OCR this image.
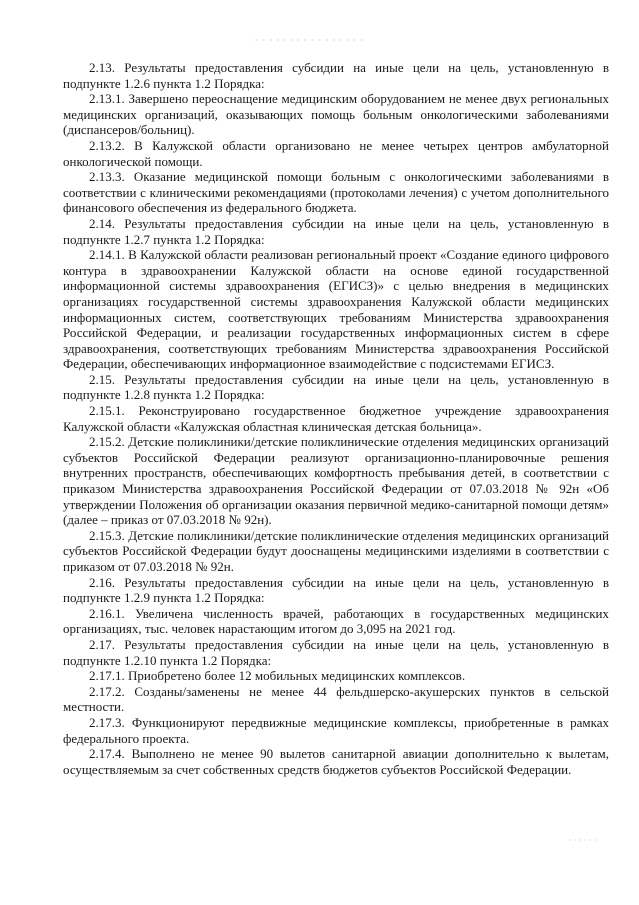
2.13. Результаты предоставления субсидии на иные цели на цель, установленную в подпункте 1.2.6 пункта 1.2 Порядка:

2.13.1. Завершено переоснащение медицинским оборудованием не менее двух региональных медицинских организаций, оказывающих помощь больным онкологическими заболеваниями (диспансеров/больниц).

2.13.2. В Калужской области организовано не менее четырех центров амбулаторной онкологической помощи.

2.13.3. Оказание медицинской помощи больным с онкологическими заболеваниями в соответствии с клиническими рекомендациями (протоколами лечения) с учетом дополнительного финансового обеспечения из федерального бюджета.

2.14. Результаты предоставления субсидии на иные цели на цель, установленную в подпункте 1.2.7 пункта 1.2 Порядка:

2.14.1. В Калужской области реализован региональный проект «Создание единого цифрового контура в здравоохранении Калужской области на основе единой государственной информационной системы здравоохранения (ЕГИСЗ)» с целью внедрения в медицинских организациях государственной системы здравоохранения Калужской области медицинских информационных систем, соответствующих требованиям Министерства здравоохранения Российской Федерации, и реализации государственных информационных систем в сфере здравоохранения, соответствующих требованиям Министерства здравоохранения Российской Федерации, обеспечивающих информационное взаимодействие с подсистемами ЕГИСЗ.

2.15. Результаты предоставления субсидии на иные цели на цель, установленную в подпункте 1.2.8 пункта 1.2 Порядка:

2.15.1. Реконструировано государственное бюджетное учреждение здравоохранения Калужской области «Калужская областная клиническая детская больница».

2.15.2. Детские поликлиники/детские поликлинические отделения медицинских организаций субъектов Российской Федерации реализуют организационно-планировочные решения внутренних пространств, обеспечивающих комфортность пребывания детей, в соответствии с приказом Министерства здравоохранения Российской Федерации от 07.03.2018 № 92н «Об утверждении Положения об организации оказания первичной медико-санитарной помощи детям» (далее – приказ от 07.03.2018 № 92н).

2.15.3. Детские поликлиники/детские поликлинические отделения медицинских организаций субъектов Российской Федерации будут дооснащены медицинскими изделиями в соответствии с приказом от 07.03.2018 № 92н.

2.16. Результаты предоставления субсидии на иные цели на цель, установленную в подпункте 1.2.9 пункта 1.2 Порядка:

2.16.1. Увеличена численность врачей, работающих в государственных медицинских организациях, тыс. человек нарастающим итогом до 3,095 на 2021 год.

2.17. Результаты предоставления субсидии на иные цели на цель, установленную в подпункте 1.2.10 пункта 1.2 Порядка:

2.17.1. Приобретено более 12 мобильных медицинских комплексов.

2.17.2. Созданы/заменены не менее 44 фельдшерско-акушерских пунктов в сельской местности.

2.17.3. Функционируют передвижные медицинские комплексы, приобретенные в рамках федерального проекта.

2.17.4. Выполнено не менее 90 вылетов санитарной авиации дополнительно к вылетам, осуществляемым за счет собственных средств бюджетов субъектов Российской Федерации.
